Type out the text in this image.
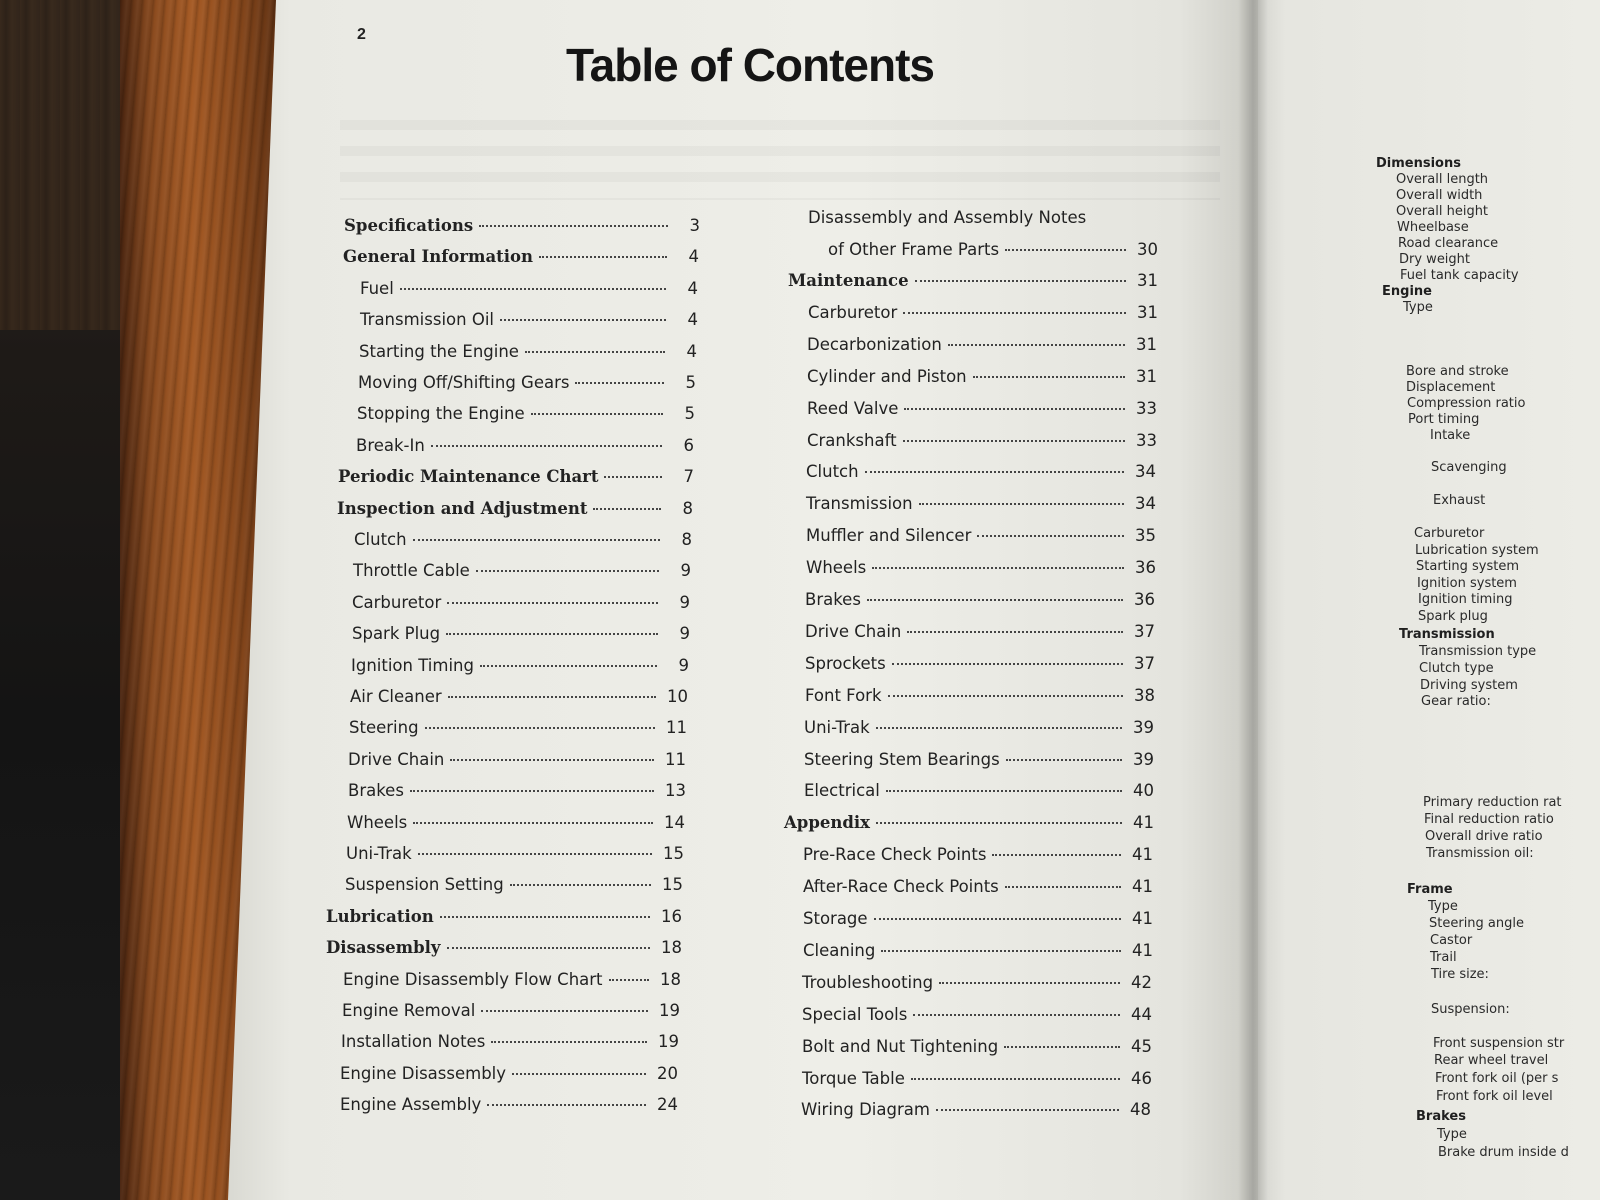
2
Table of Contents
Specifications	3
General Information	4
Fuel	4
Transmission Oil	4
Starting the Engine	4
Moving Off/Shifting Gears	5
Stopping the Engine	5
Break-In	6
Periodic Maintenance Chart	7
Inspection and Adjustment	8
Clutch	8
Throttle Cable	9
Carburetor	9
Spark Plug	9
Ignition Timing	9
Air Cleaner	10
Steering	11
Drive Chain	11
Brakes	13
Wheels	14
Uni-Trak	15
Suspension Setting	15
Lubrication	16
Disassembly	18
Engine Disassembly Flow Chart	18
Engine Removal	19
Installation Notes	19
Engine Disassembly	20
Engine Assembly	24
Disassembly and Assembly Notes
of Other Frame Parts	30
Maintenance	31
Carburetor	31
Decarbonization	31
Cylinder and Piston	31
Reed Valve	33
Crankshaft	33
Clutch	34
Transmission	34
Muffler and Silencer	35
Wheels	36
Brakes	36
Drive Chain	37
Sprockets	37
Font Fork	38
Uni-Trak	39
Steering Stem Bearings	39
Electrical	40
Appendix	41
Pre-Race Check Points	41
After-Race Check Points	41
Storage	41
Cleaning	41
Troubleshooting	42
Special Tools	44
Bolt and Nut Tightening	45
Torque Table	46
Wiring Diagram	48
Dimensions
Overall length
Overall width
Overall height
Wheelbase
Road clearance
Dry weight
Fuel tank capacity
Engine
Type
Bore and stroke
Displacement
Compression ratio
Port timing
Intake
Scavenging
Exhaust
Carburetor
Lubrication system
Starting system
Ignition system
Ignition timing
Spark plug
Transmission
Transmission type
Clutch type
Driving system
Gear ratio:
Primary reduction rat
Final reduction ratio
Overall drive ratio
Transmission oil:
Frame
Type
Steering angle
Castor
Trail
Tire size:
Suspension:
Front suspension str
Rear wheel travel
Front fork oil (per s
Front fork oil level
Brakes
Type
Brake drum inside d
